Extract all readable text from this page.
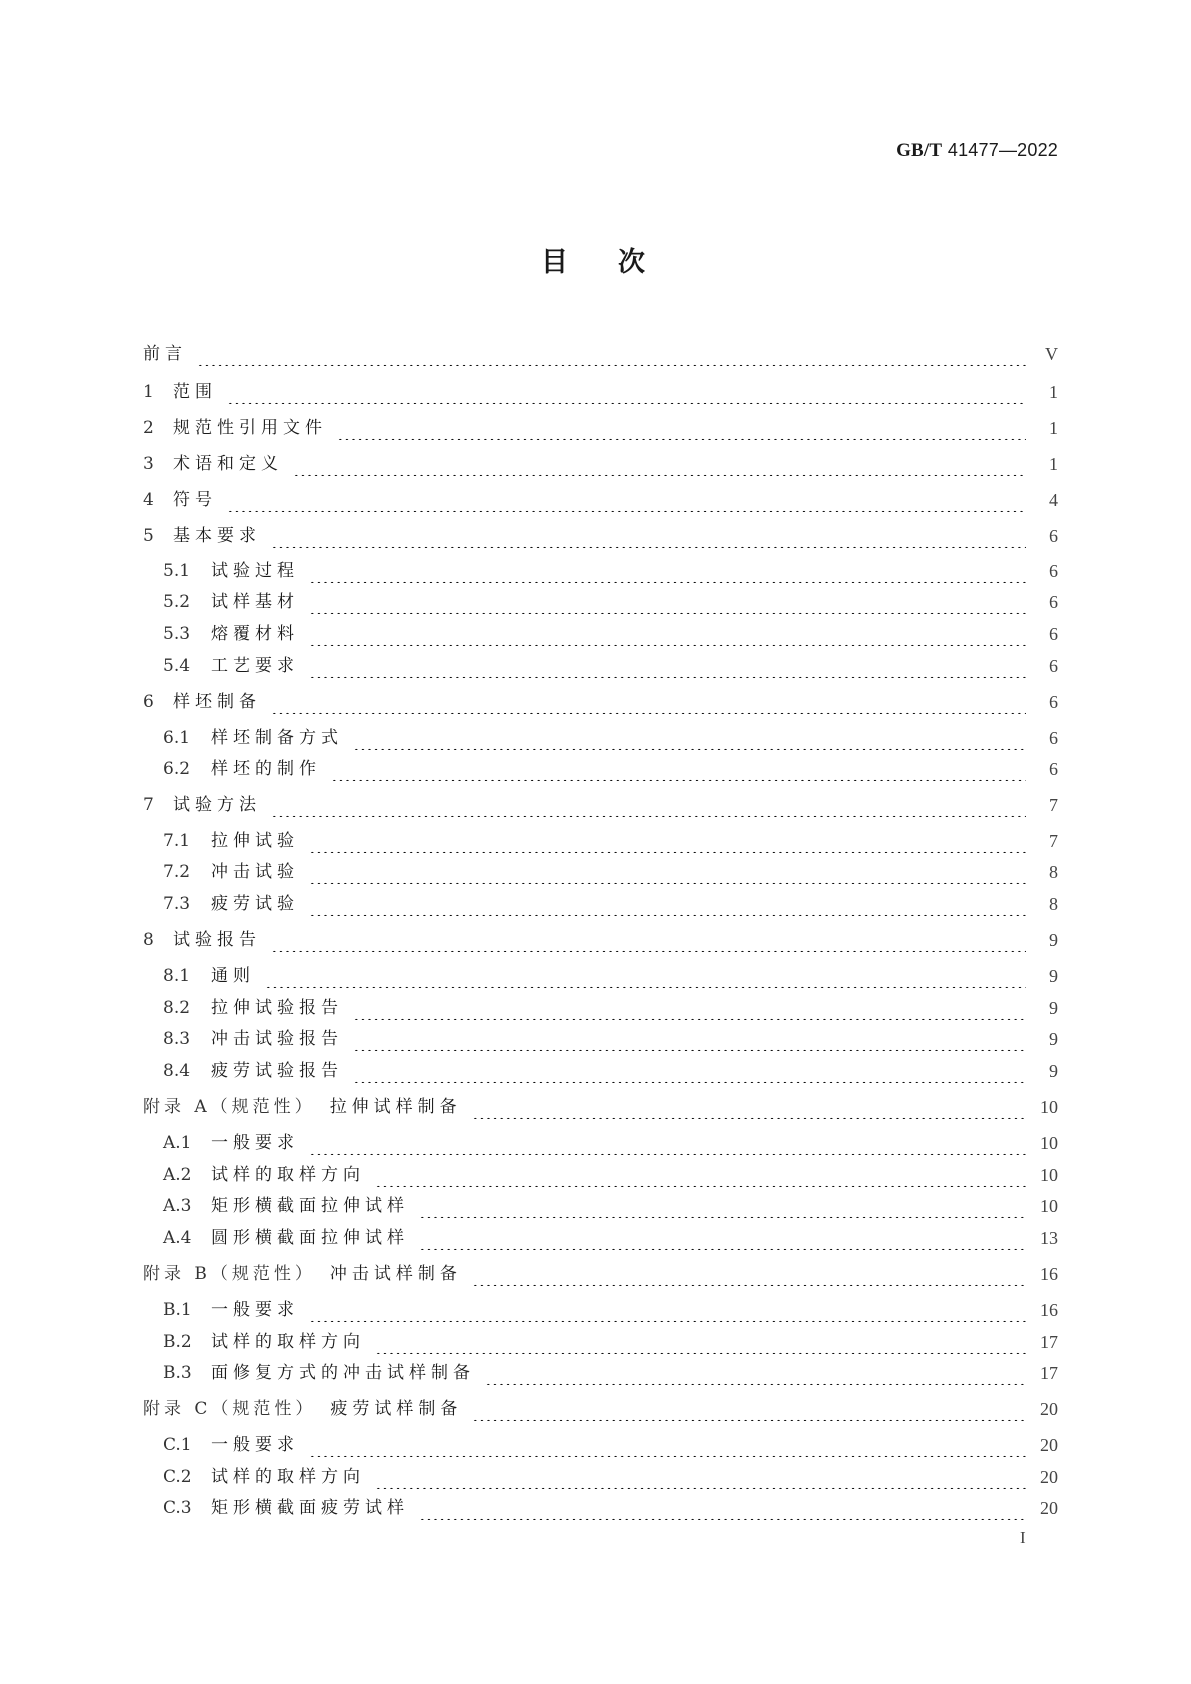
GB/T 41477—2022
目次
前言	V
1	范围	1
2	规范性引用文件	1
3	术语和定义	1
4	符号	4
5	基本要求	6
5.1	试验过程	6
5.2	试样基材	6
5.3	熔覆材料	6
5.4	工艺要求	6
6	样坯制备	6
6.1	样坯制备方式	6
6.2	样坯的制作	6
7	试验方法	7
7.1	拉伸试验	7
7.2	冲击试验	8
7.3	疲劳试验	8
8	试验报告	9
8.1	通则	9
8.2	拉伸试验报告	9
8.3	冲击试验报告	9
8.4	疲劳试验报告	9
附录 A（规范性） 拉伸试样制备	10
A.1	一般要求	10
A.2	试样的取样方向	10
A.3	矩形横截面拉伸试样	10
A.4	圆形横截面拉伸试样	13
附录 B（规范性） 冲击试样制备	16
B.1	一般要求	16
B.2	试样的取样方向	17
B.3	面修复方式的冲击试样制备	17
附录 C（规范性） 疲劳试样制备	20
C.1	一般要求	20
C.2	试样的取样方向	20
C.3	矩形横截面疲劳试样	20
I
